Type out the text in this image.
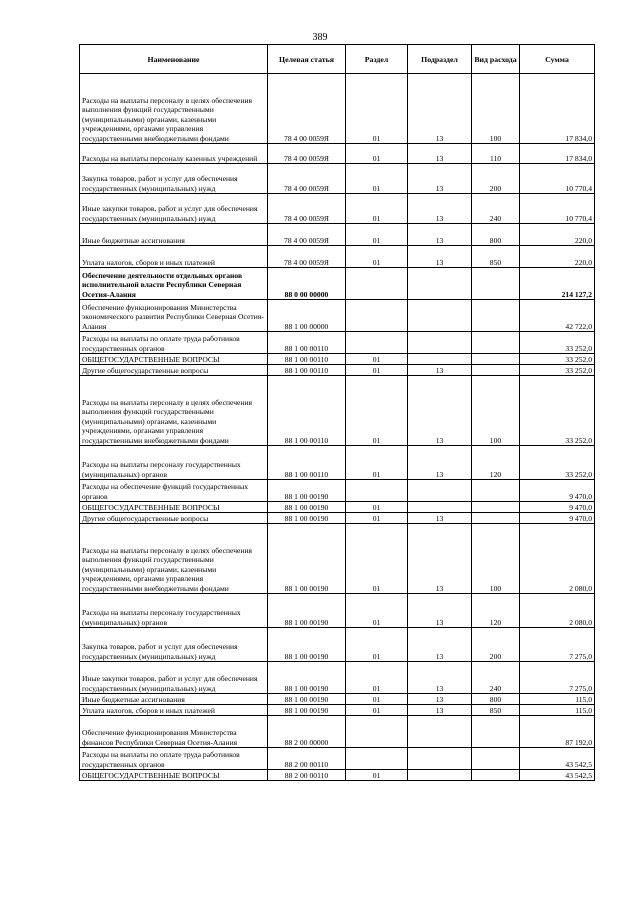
389
Наименование	Целевая статья	Раздел	Подраздел	Вид расхода	Сумма
Расходы на выплаты персоналу в целях обеспечения выполнения функций государственными (муниципальными) органами, казенными учреждениями, органами управления государственными внебюджетными фондами	78 4 00 0059Я	01	13	100	17 834,0
Расходы на выплаты персоналу казенных учреждений	78 4 00 0059Я	01	13	110	17 834,0
Закупка товаров, работ и услуг для обеспечения государственных (муниципальных) нужд	78 4 00 0059Я	01	13	200	10 770,4
Иные закупки товаров, работ и услуг для обеспечения государственных (муниципальных) нужд	78 4 00 0059Я	01	13	240	10 770,4
Иные бюджетные ассигнования	78 4 00 0059Я	01	13	800	220,0
Уплата налогов, сборов и иных платежей	78 4 00 0059Я	01	13	850	220,0
Обеспечение деятельности отдельных органов исполнительной власти Республики Северная Осетия-Алания	88 0 00 00000				214 127,2
Обеспечение функционирования Министерства экономического развития Республики Северная Осетия-Алания	88 1 00 00000				42 722,0
Расходы на выплаты по оплате труда работников государственных органов	88 1 00 00110				33 252,0
ОБЩЕГОСУДАРСТВЕННЫЕ ВОПРОСЫ	88 1 00 00110	01			33 252,0
Другие общегосударственные вопросы	88 1 00 00110	01	13		33 252,0
Расходы на выплаты персоналу в целях обеспечения выполнения функций государственными (муниципальными) органами, казенными учреждениями, органами управления государственными внебюджетными фондами	88 1 00 00110	01	13	100	33 252,0
Расходы на выплаты персоналу государственных (муниципальных) органов	88 1 00 00110	01	13	120	33 252,0
Расходы на обеспечение функций государственных органов	88 1 00 00190				9 470,0
ОБЩЕГОСУДАРСТВЕННЫЕ ВОПРОСЫ	88 1 00 00190	01			9 470,0
Другие общегосударственные вопросы	88 1 00 00190	01	13		9 470,0
Расходы на выплаты персоналу в целях обеспечения выполнения функций государственными (муниципальными) органами, казенными учреждениями, органами управления государственными внебюджетными фондами	88 1 00 00190	01	13	100	2 080,0
Расходы на выплаты персоналу государственных (муниципальных) органов	88 1 00 00190	01	13	120	2 080,0
Закупка товаров, работ и услуг для обеспечения государственных (муниципальных) нужд	88 1 00 00190	01	13	200	7 275,0
Иные закупки товаров, работ и услуг для обеспечения государственных (муниципальных) нужд	88 1 00 00190	01	13	240	7 275,0
Иные бюджетные ассигнования	88 1 00 00190	01	13	800	115,0
Уплата налогов, сборов и иных платежей	88 1 00 00190	01	13	850	115,0
Обеспечение функционирования Министерства финансов Республики Северная Осетия-Алания	88 2 00 00000				87 192,0
Расходы на выплаты по оплате труда работников государственных органов	88 2 00 00110				43 542,5
ОБЩЕГОСУДАРСТВЕННЫЕ ВОПРОСЫ	88 2 00 00110	01			43 542,5
